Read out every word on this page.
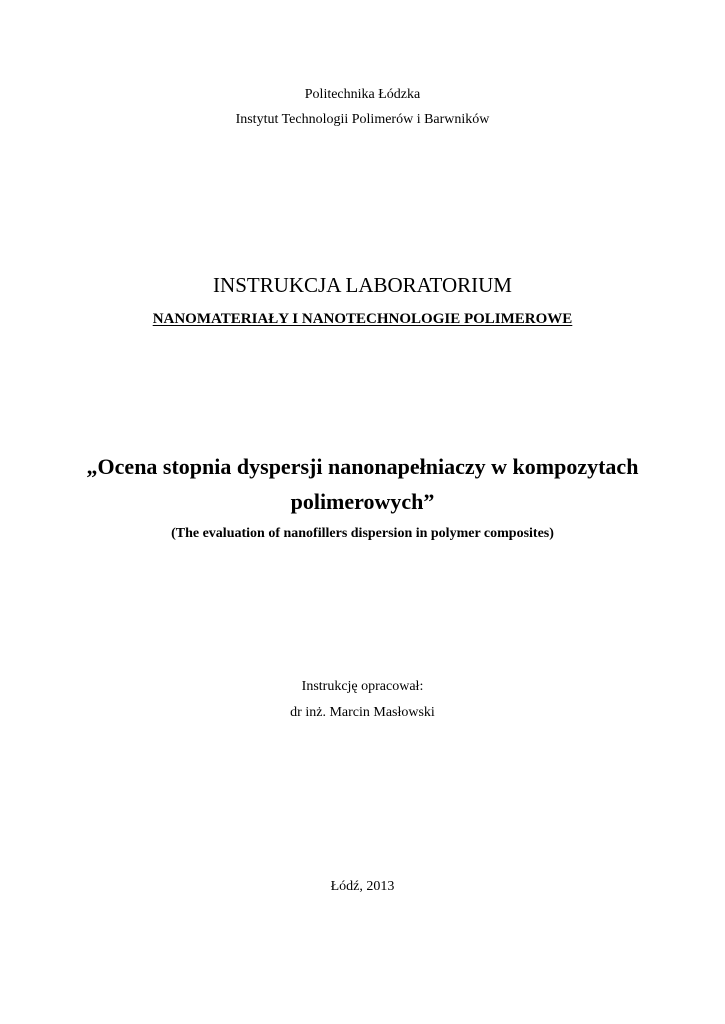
Politechnika Łódzka
Instytut Technologii Polimerów i Barwników
INSTRUKCJA LABORATORIUM
NANOMATERIAŁY I NANOTECHNOLOGIE POLIMEROWE
„Ocena stopnia dyspersji nanonapełniaczy w kompozytach
polimerowych”
(The evaluation of nanofillers dispersion in polymer composites)
Instrukcję opracował:
dr inż. Marcin Masłowski
Łódź, 2013
